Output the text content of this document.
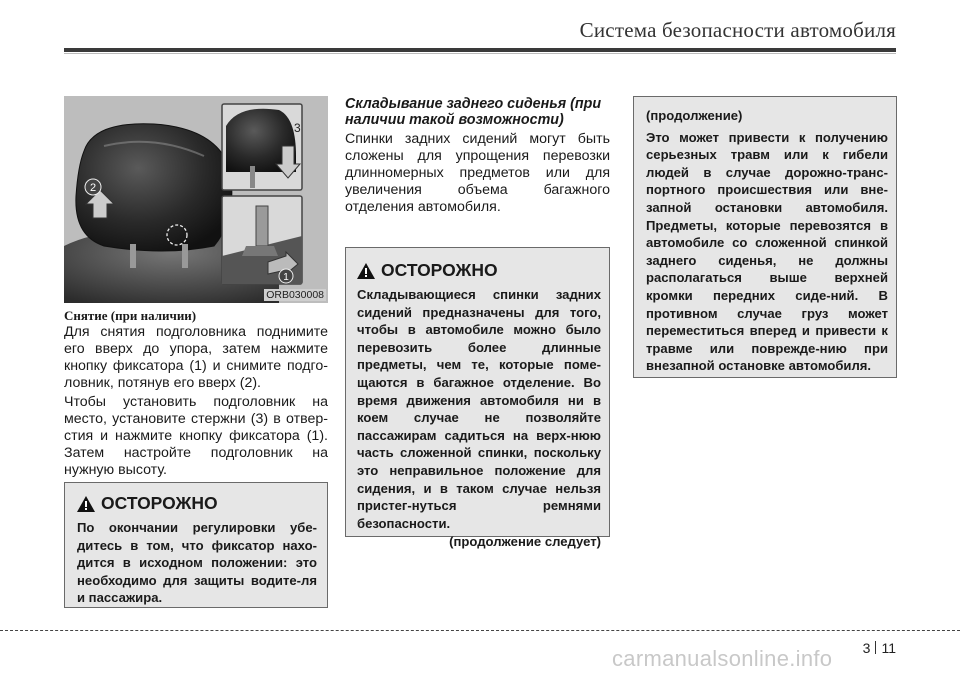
Система безопасности автомобиля
2
3
1
ORB030008
Снятие (при наличии)

Для снятия подголовника поднимите его вверх до упора, затем нажмите кнопку фиксатора (1) и снимите подго-ловник, потянув его вверх (2).

Чтобы установить подголовник на место, установите стержни (3) в отвер-стия и нажмите кнопку фиксатора (1). Затем настройте подголовник на нужную высоту.

ОСТОРОЖНО

По окончании регулировки убе-дитесь в том, что фиксатор нахо-дится в исходном положении: это необходимо для защиты водите-ля и пассажира.

Складывание заднего сиденья (при наличии такой возможности)

Спинки задних сидений могут быть сложены для упрощения перевозки длинномерных предметов или для увеличения объема багажного отделения автомобиля.

ОСТОРОЖНО

Складывающиеся спинки задних сидений предназначены для того, чтобы в автомобиле можно было перевозить более длинные предметы, чем те, которые поме-щаются в багажное отделение. Во время движения автомобиля ни в коем случае не позволяйте пассажирам садиться на верх-нюю часть сложенной спинки, поскольку это неправильное положение для сидения, и в таком случае нельзя пристег-нуться ремнями безопасности.

(продолжение следует)
(продолжение)

Это может привести к получению серьезных травм или к гибели людей в случае дорожно-транс-портного происшествия или вне-запной остановки автомобиля. Предметы, которые перевозятся в автомобиле со сложенной спинкой заднего сиденья, не должны располагаться выше верхней кромки передних сиде-ний. В противном случае груз может переместиться вперед и привести к травме или поврежде-нию при внезапной остановке автомобиля.

3 11
carmanualsonline.info
